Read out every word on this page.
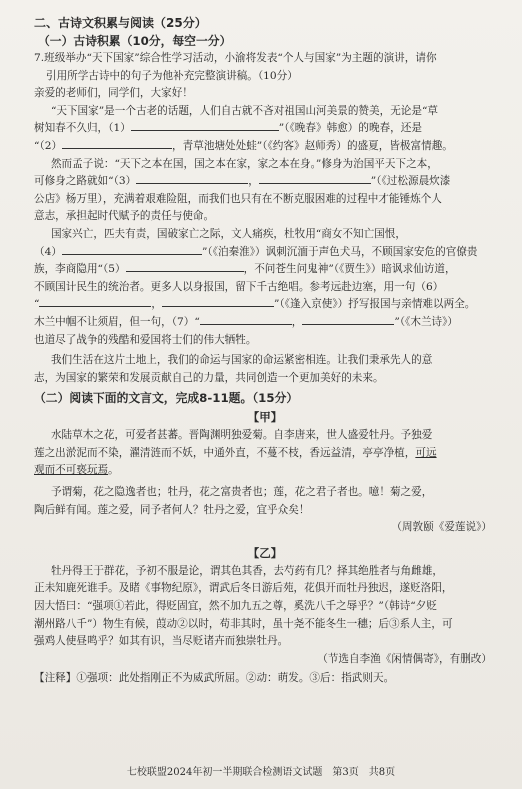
二、古诗文积累与阅读（25分）
（一）古诗积累（10分，每空一分）
7.班级举办“天下国家”综合性学习活动，小渝将发表“个人与国家”为主题的演讲，请你
引用所学古诗中的句子为他补充完整演讲稿。（10分）
亲爱的老师们，同学们，大家好！
“天下国家”是一个古老的话题，人们自古就不吝对祖国山河美景的赞美，无论是“草
树知春不久归，（1）	”（《晚春》韩愈）的晚春，还是
“（2）	，青草池塘处处蛙”（《约客》赵师秀）的盛夏，皆极富情趣。
然而孟子说：“天下之本在国，国之本在家，家之本在身。”修身为治国平天下之本，
可修身之路就如“（3）	，	”（《过松源晨炊漆
公店》杨万里），充满着艰难险阻，而我们也只有在不断克服困难的过程中才能锤炼个人
意志，承担起时代赋予的责任与使命。
国家兴亡，匹夫有责，国破家亡之际，文人痛疾，杜牧用“商女不知亡国恨，
（4）	”（《泊秦淮》）讽刺沉湎于声色犬马，不顾国家安危的官僚贵
族，李商隐用“（5）	，不问苍生问鬼神”（《贾生》）暗讽求仙访道，
不顾国计民生的统治者。更多人以身报国，留下千古绝唱。参考远赴边塞，用一句（6）
“	，	”（《逢入京使》）抒写报国与亲情难以两全。
木兰中帼不让须眉，但一句，（7）“	，	”（《木兰诗》）
也道尽了战争的残酷和爱国将士们的伟大牺牲。
我们生活在这片土地上，我们的命运与国家的命运紧密相连。让我们秉承先人的意
志，为国家的繁荣和发展贡献自己的力量，共同创造一个更加美好的未来。
（二）阅读下面的文言文，完成8-11题。（15分）
【甲】
水陆草木之花，可爱者甚蕃。晋陶渊明独爱菊。自李唐来，世人盛爱牡丹。予独爱
莲之出淤泥而不染，濯清涟而不妖，中通外直，不蔓不枝，香远益清，亭亭净植，可远
观而不可亵玩焉。
予谓菊，花之隐逸者也；牡丹，花之富贵者也；莲，花之君子者也。噫！菊之爱，
陶后鲜有闻。莲之爱，同予者何人？牡丹之爱，宜乎众矣！
（周敦颐《爱莲说》）
【乙】
牡丹得王于群花，予初不服是论，谓其色其香，去芍药有几？择其绝胜者与角雌雄，
正未知鹿死谁手。及睹《事物纪原》，谓武后冬日游后苑，花俱开而牡丹独迟，遂贬洛阳，
因大悟曰：“强项①若此，得贬固宜，然不加九五之尊，奚洗八千之辱乎？”（韩诗“夕贬
潮州路八千”）物生有候，葭动②以时，苟非其时，虽十尧不能冬生一穗；后③系人主，可
强鸡人使昼鸣乎？如其有识，当尽贬诸卉而独崇牡丹。
（节选自李渔《闲情偶寄》，有删改）
【注释】①强项：此处指刚正不为威武所屈。②动：萌发。③后：指武则天。
七校联盟2024年初一半期联合检测语文试题　第3页　共8页
